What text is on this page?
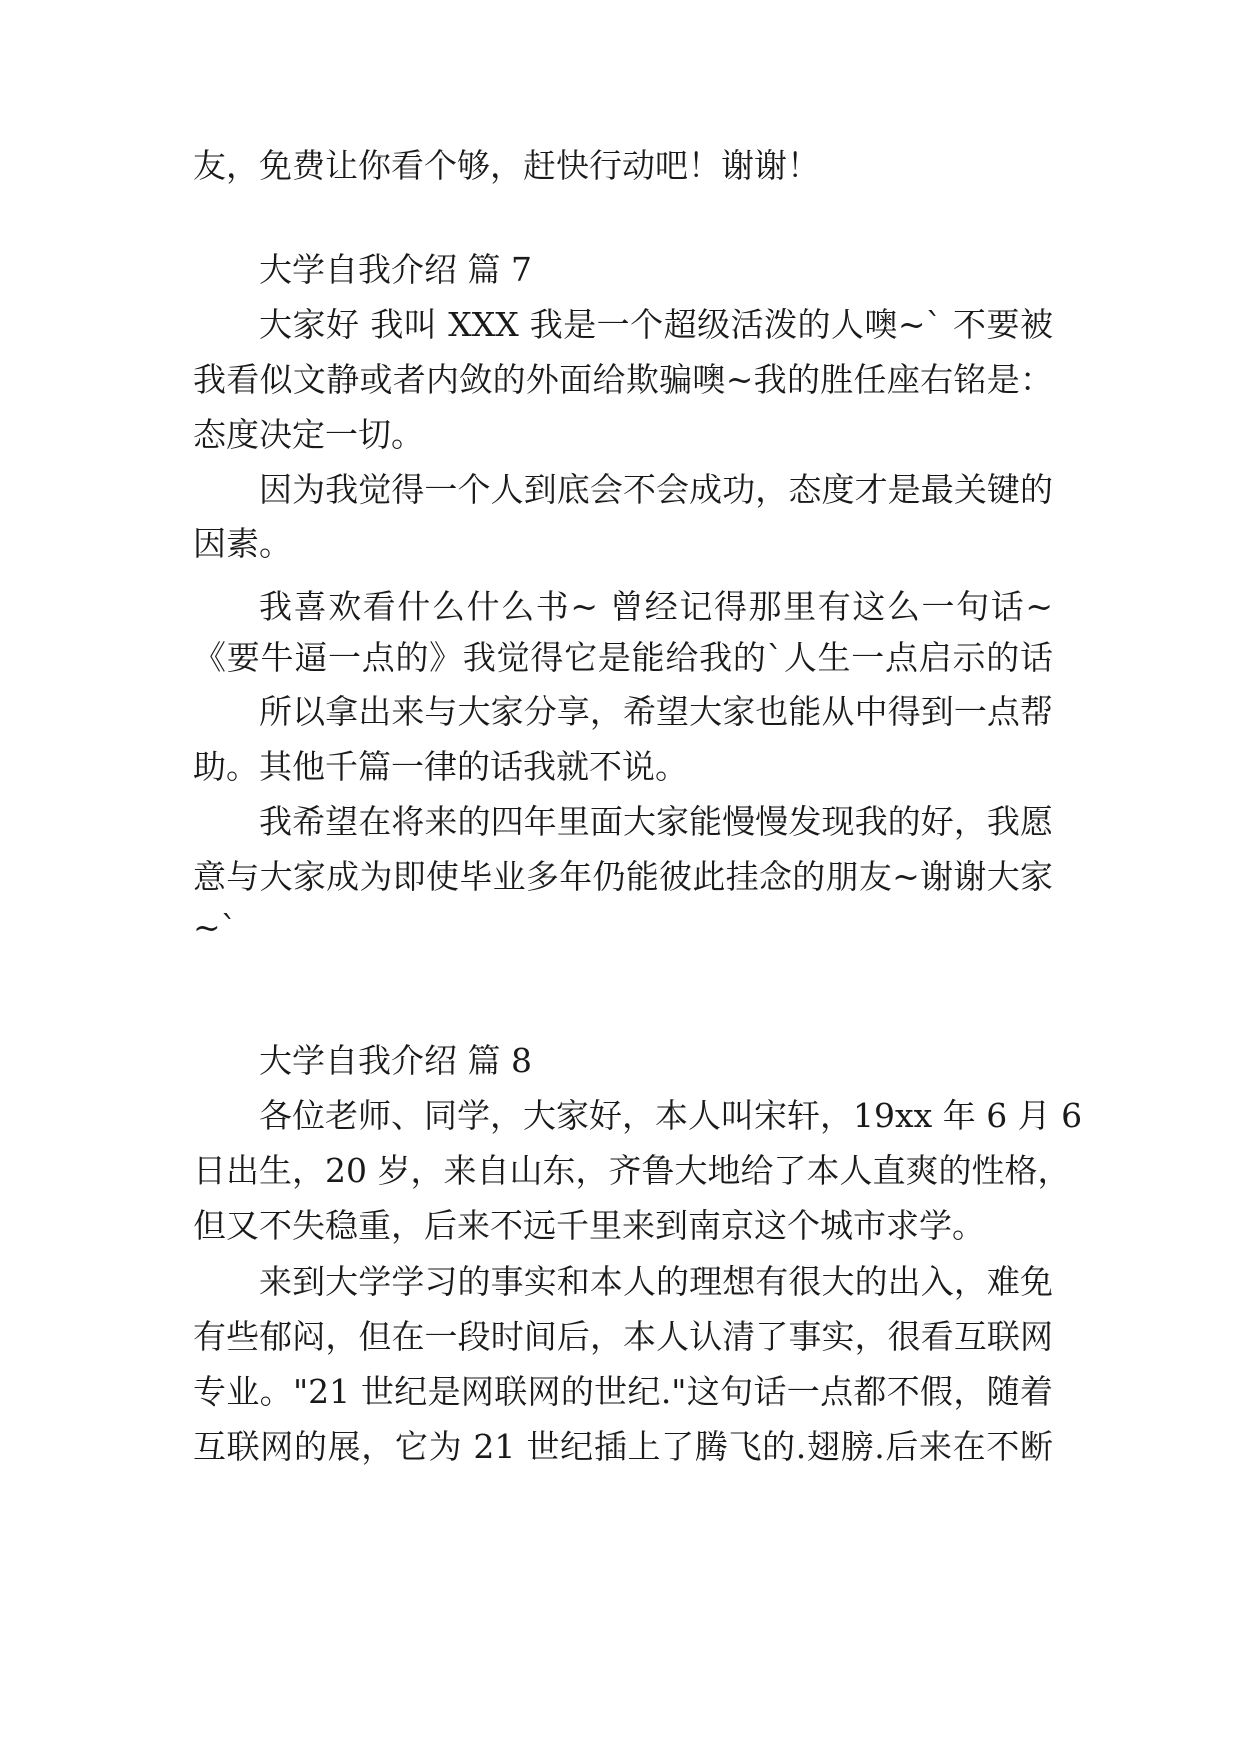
友，免费让你看个够，赶快行动吧！谢谢！

大学自我介绍 篇 7

大家好 我叫 XXX 我是一个超级活泼的人噢~` 不要被

我看似文静或者内敛的外面给欺骗噢~我的胜任座右铭是：

态度决定一切。

因为我觉得一个人到底会不会成功，态度才是最关键的

因素。

我喜欢看什么什么书~ 曾经记得那里有这么一句话~

《要牛逼一点的》我觉得它是能给我的`人生一点启示的话

所以拿出来与大家分享，希望大家也能从中得到一点帮

助。其他千篇一律的话我就不说。

我希望在将来的四年里面大家能慢慢发现我的好，我愿

意与大家成为即使毕业多年仍能彼此挂念的朋友~谢谢大家

~`

大学自我介绍 篇 8

各位老师、同学，大家好，本人叫宋轩，19xx 年 6 月 6

日出生，20 岁，来自山东，齐鲁大地给了本人直爽的性格，

但又不失稳重，后来不远千里来到南京这个城市求学。

来到大学学习的事实和本人的理想有很大的出入，难免

有些郁闷，但在一段时间后，本人认清了事实，很看互联网

专业。"21 世纪是网联网的世纪."这句话一点都不假，随着

互联网的展，它为 21 世纪插上了腾飞的.翅膀.后来在不断
